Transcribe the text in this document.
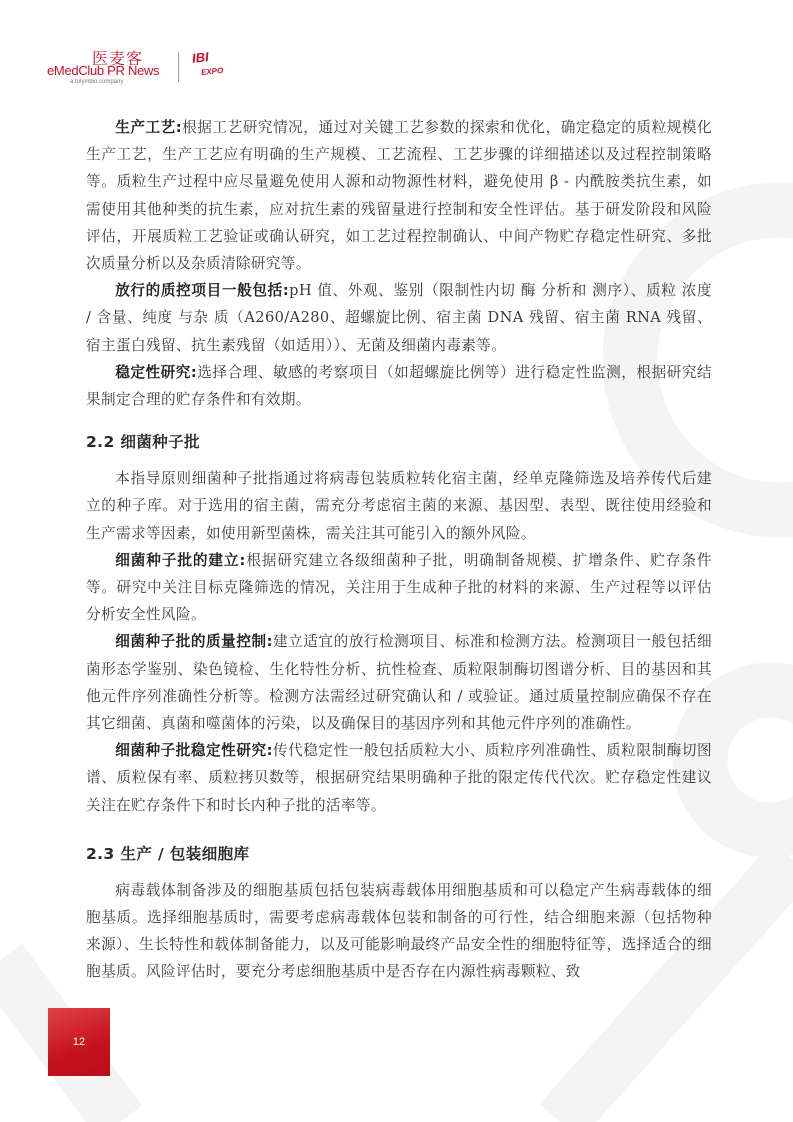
医麦客
eMedClub PR News
a tulymbio company
IBI
EXPO

生产工艺:根据工艺研究情况，通过对关键工艺参数的探索和优化，确定稳定的质粒规模化生产工艺，生产工艺应有明确的生产规模、工艺流程、工艺步骤的详细描述以及过程控制策略等。质粒生产过程中应尽量避免使用人源和动物源性材料，避免使用 β - 内酰胺类抗生素，如需使用其他种类的抗生素，应对抗生素的残留量进行控制和安全性评估。基于研发阶段和风险评估，开展质粒工艺验证或确认研究，如工艺过程控制确认、中间产物贮存稳定性研究、多批次质量分析以及杂质清除研究等。

放行的质控项目一般包括:pH 值、外观、鉴别（限制性内切 酶 分析和 测序）、质粒 浓度 / 含量、纯度 与杂 质（A260/A280、超螺旋比例、宿主菌 DNA 残留、宿主菌 RNA 残留、宿主蛋白残留、抗生素残留（如适用））、无菌及细菌内毒素等。

稳定性研究:选择合理、敏感的考察项目（如超螺旋比例等）进行稳定性监测，根据研究结果制定合理的贮存条件和有效期。

2.2 细菌种子批

本指导原则细菌种子批指通过将病毒包装质粒转化宿主菌，经单克隆筛选及培养传代后建立的种子库。对于选用的宿主菌，需充分考虑宿主菌的来源、基因型、表型、既往使用经验和生产需求等因素，如使用新型菌株，需关注其可能引入的额外风险。

细菌种子批的建立:根据研究建立各级细菌种子批，明确制备规模、扩增条件、贮存条件等。研究中关注目标克隆筛选的情况，关注用于生成种子批的材料的来源、生产过程等以评估分析安全性风险。

细菌种子批的质量控制:建立适宜的放行检测项目、标准和检测方法。检测项目一般包括细菌形态学鉴别、染色镜检、生化特性分析、抗性检查、质粒限制酶切图谱分析、目的基因和其他元件序列准确性分析等。检测方法需经过研究确认和 / 或验证。通过质量控制应确保不存在其它细菌、真菌和噬菌体的污染，以及确保目的基因序列和其他元件序列的准确性。

细菌种子批稳定性研究:传代稳定性一般包括质粒大小、质粒序列准确性、质粒限制酶切图谱、质粒保有率、质粒拷贝数等，根据研究结果明确种子批的限定传代代次。贮存稳定性建议关注在贮存条件下和时长内种子批的活率等。

2.3 生产 / 包装细胞库

病毒载体制备涉及的细胞基质包括包装病毒载体用细胞基质和可以稳定产生病毒载体的细胞基质。选择细胞基质时，需要考虑病毒载体包装和制备的可行性，结合细胞来源（包括物种来源）、生长特性和载体制备能力，以及可能影响最终产品安全性的细胞特征等，选择适合的细胞基质。风险评估时，要充分考虑细胞基质中是否存在内源性病毒颗粒、致

12
